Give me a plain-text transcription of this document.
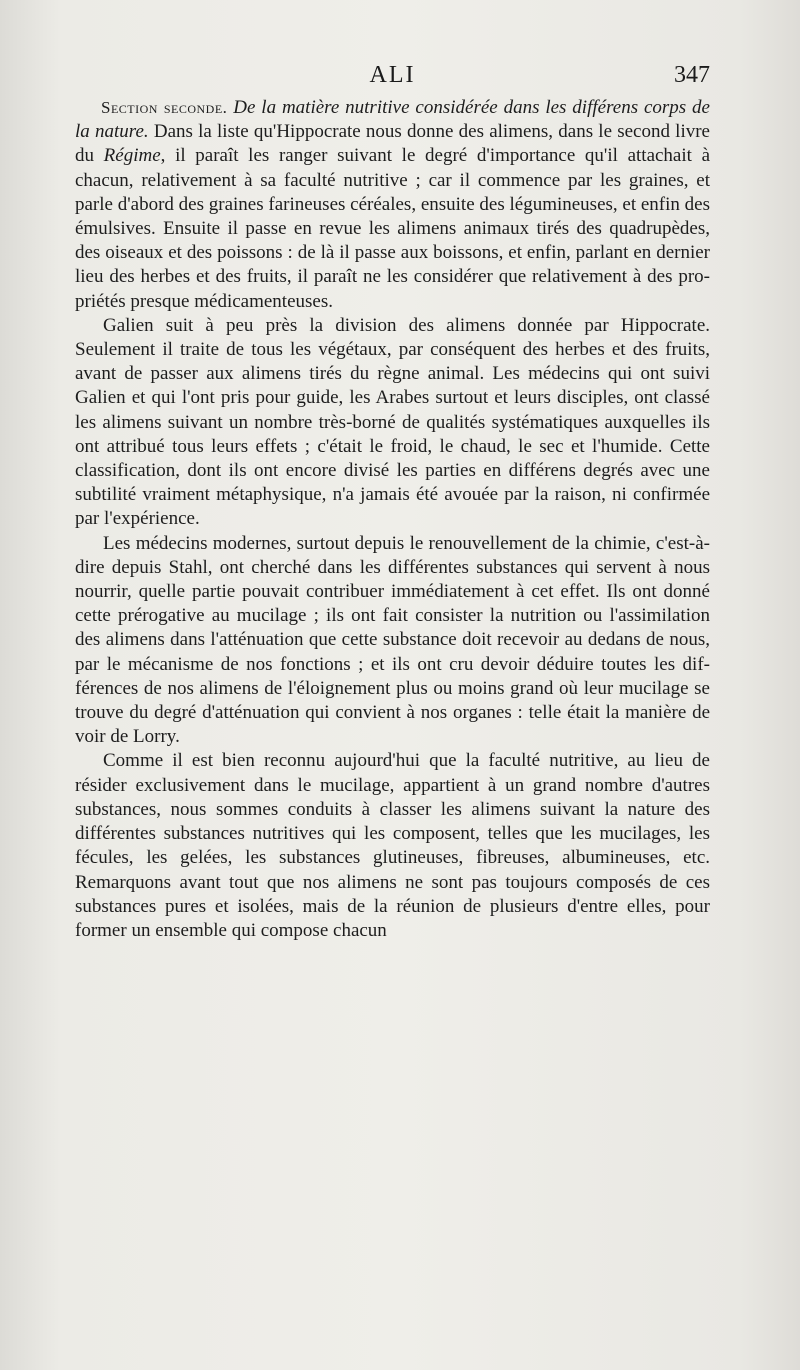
ALI	347

Section seconde. De la matière nutritive considérée dans les différens corps de la nature. Dans la liste qu'Hippocrate nous donne des alimens, dans le second livre du Régime, il paraît les ranger suivant le degré d'importance qu'il attachait à chacun, relativement à sa faculté nutritive ; car il commence par les graines, et parle d'abord des graines farineuses céréales, ensuite des légumineuses, et enfin des émulsives. Ensuite il passe en revue les alimens animaux tirés des quadrupèdes, des oiseaux et des poissons : de là il passe aux boissons, et enfin, parlant en dernier lieu des herbes et des fruits, il paraît ne les considérer que relativement à des propriétés presque médicamenteuses.

Galien suit à peu près la division des alimens donnée par Hippocrate. Seulement il traite de tous les végétaux, par conséquent des herbes et des fruits, avant de passer aux alimens tirés du règne animal. Les médecins qui ont suivi Galien et qui l'ont pris pour guide, les Arabes surtout et leurs disciples, ont classé les alimens suivant un nombre très-borné de qualités systématiques auxquelles ils ont attribué tous leurs effets ; c'était le froid, le chaud, le sec et l'humide. Cette classification, dont ils ont encore divisé les parties en différens degrés avec une subtilité vraiment métaphysique, n'a jamais été avouée par la raison, ni confirmée par l'expérience.

Les médecins modernes, surtout depuis le renouvellement de la chimie, c'est-à-dire depuis Stahl, ont cherché dans les différentes substances qui servent à nous nourrir, quelle partie pouvait contribuer immédiatement à cet effet. Ils ont donné cette prérogative au mucilage ; ils ont fait consister la nutrition ou l'assimilation des alimens dans l'atténuation que cette substance doit recevoir au dedans de nous, par le mécanisme de nos fonctions ; et ils ont cru devoir déduire toutes les différences de nos alimens de l'éloignement plus ou moins grand où leur mucilage se trouve du degré d'atténuation qui convient à nos organes : telle était la manière de voir de Lorry.

Comme il est bien reconnu aujourd'hui que la faculté nutritive, au lieu de résider exclusivement dans le mucilage, appartient à un grand nombre d'autres substances, nous sommes conduits à classer les alimens suivant la nature des différentes substances nutritives qui les composent, telles que les mucilages, les fécules, les gelées, les substances glutineuses, fibreuses, albumineuses, etc. Remarquons avant tout que nos alimens ne sont pas toujours composés de ces substances pures et isolées, mais de la réunion de plusieurs d'entre elles, pour former un ensemble qui compose chacun
